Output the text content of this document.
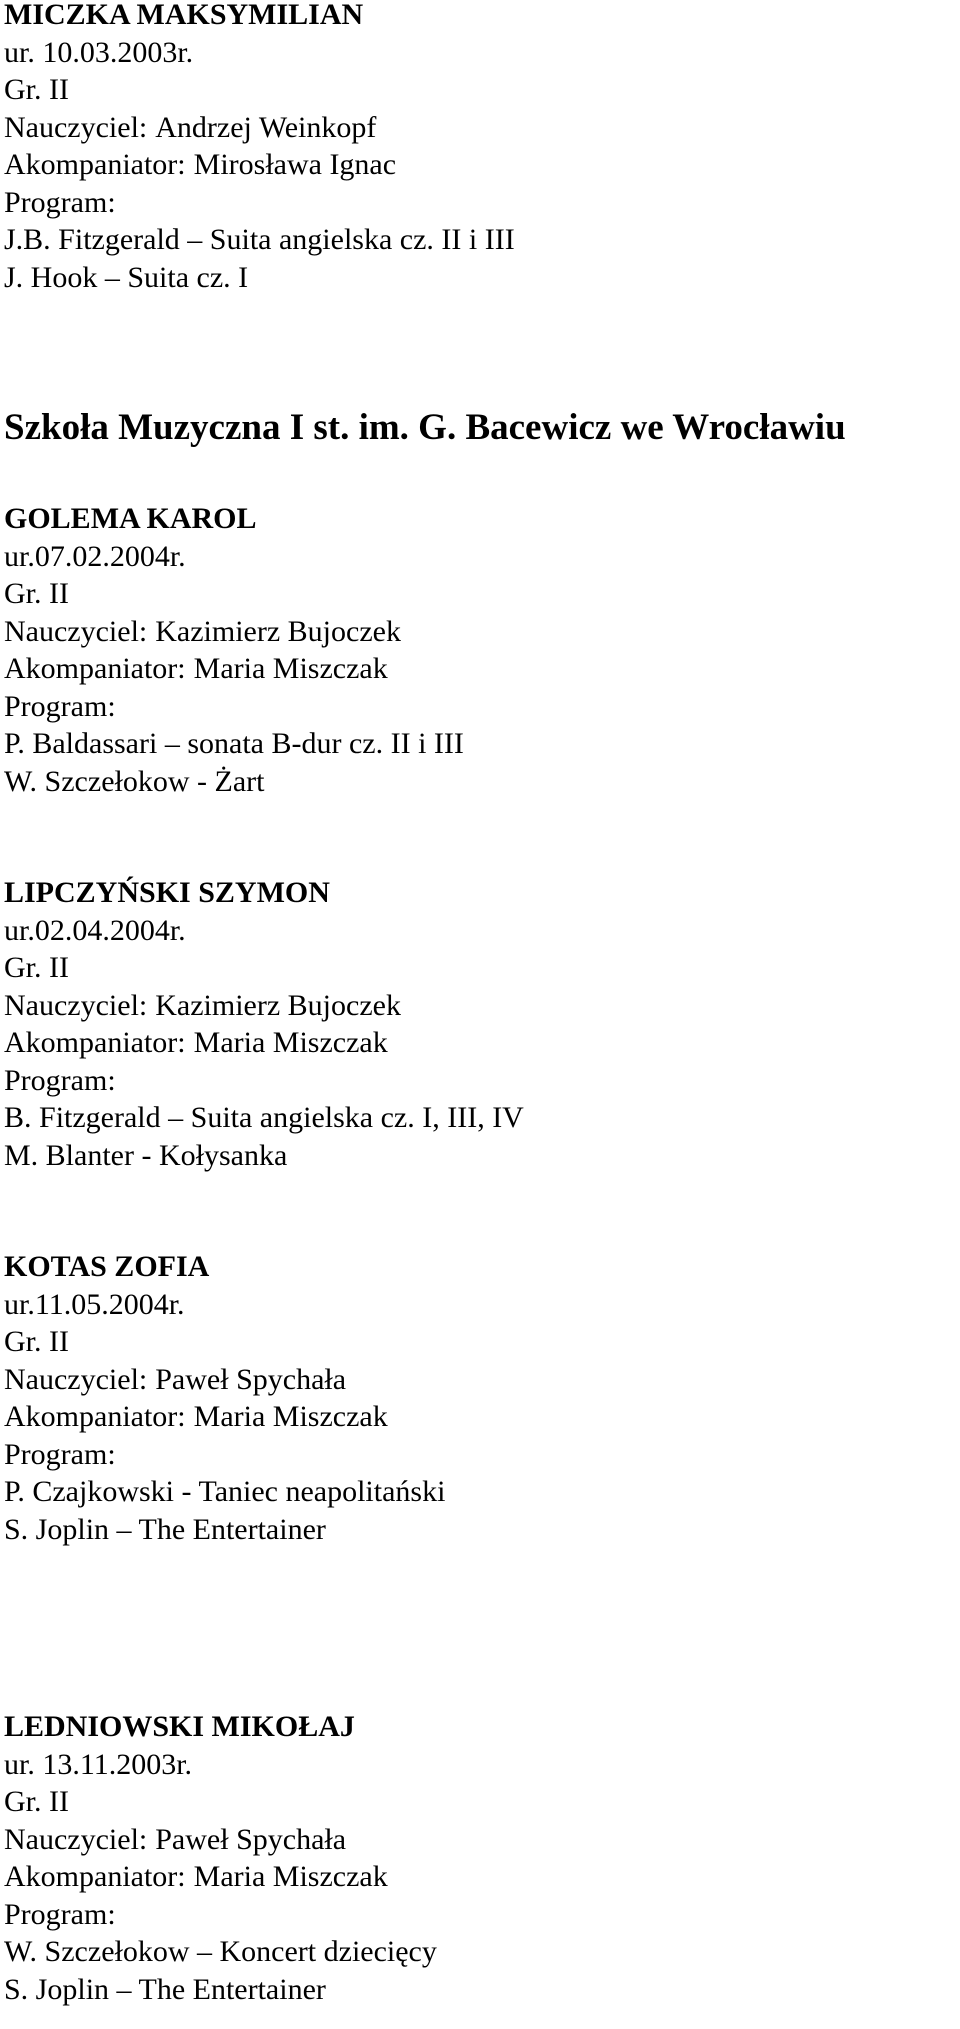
MICZKA MAKSYMILIAN
ur. 10.03.2003r.
Gr. II
Nauczyciel: Andrzej Weinkopf
Akompaniator: Mirosława Ignac
Program:
J.B. Fitzgerald – Suita angielska cz. II i III
J. Hook – Suita cz. I
Szkoła Muzyczna I st. im. G. Bacewicz we Wrocławiu
GOLEMA KAROL
ur.07.02.2004r.
Gr. II
Nauczyciel: Kazimierz Bujoczek
Akompaniator: Maria Miszczak
Program:
P. Baldassari – sonata B-dur cz. II i III
W. Szczełokow - Żart
LIPCZYŃSKI SZYMON
ur.02.04.2004r.
Gr. II
Nauczyciel: Kazimierz Bujoczek
Akompaniator: Maria Miszczak
Program:
B. Fitzgerald – Suita angielska cz. I, III, IV
M. Blanter - Kołysanka
KOTAS ZOFIA
ur.11.05.2004r.
Gr. II
Nauczyciel: Paweł Spychała
Akompaniator: Maria Miszczak
Program:
P. Czajkowski - Taniec neapolitański
S. Joplin – The Entertainer
LEDNIOWSKI MIKOŁAJ
ur. 13.11.2003r.
Gr. II
Nauczyciel: Paweł Spychała
Akompaniator: Maria Miszczak
Program:
W. Szczełokow – Koncert dziecięcy
S. Joplin – The Entertainer
